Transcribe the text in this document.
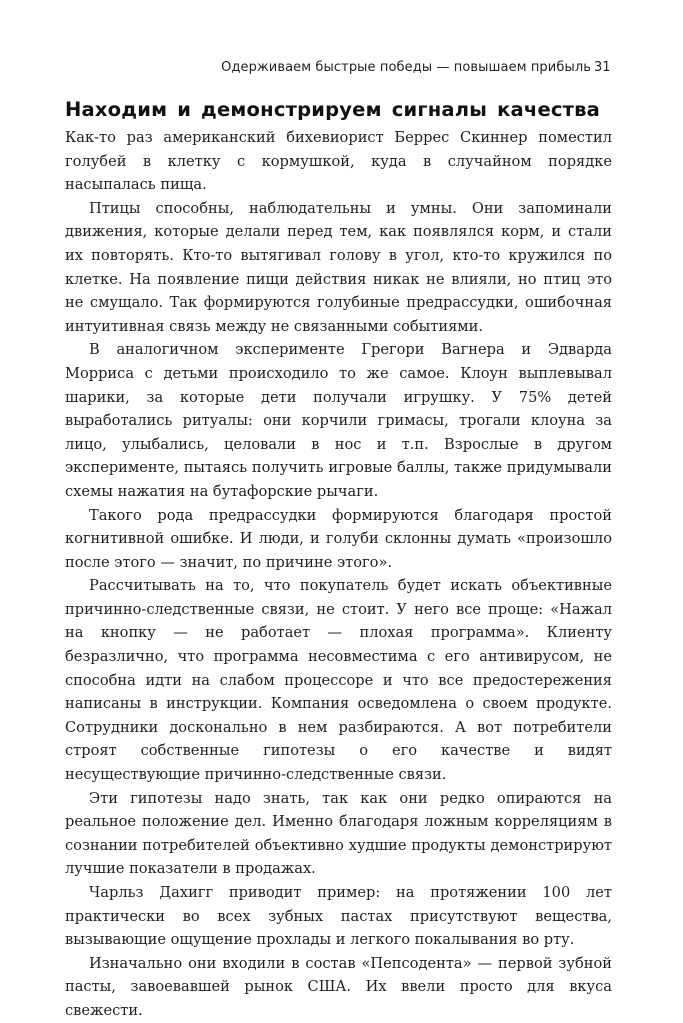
Одерживаем быстрые победы — повышаем прибыль 31
Находим и демонстрируем сигналы качества

Как-то раз американский бихевиорист Беррес Скиннер поместил голубей в клетку с кормушкой, куда в случайном порядке насыпалась пища.

Птицы способны, наблюдательны и умны. Они запоминали движения, которые делали перед тем, как появлялся корм, и стали их повторять. Кто-то вытягивал голову в угол, кто-то кружился по клетке. На появление пищи действия никак не влияли, но птиц это не смущало. Так формируются голубиные предрассудки, ошибочная интуитивная связь между не связанными событиями.

В аналогичном эксперименте Грегори Вагнера и Эдварда Морриса с детьми происходило то же самое. Клоун выплевывал шарики, за которые дети получали игрушку. У 75% детей выработались ритуалы: они корчили гримасы, трогали клоуна за лицо, улыбались, целовали в нос и т.п. Взрослые в другом эксперименте, пытаясь получить игровые баллы, также придумывали схемы нажатия на бутафорские рычаги.

Такого рода предрассудки формируются благодаря простой когнитивной ошибке. И люди, и голуби склонны думать «произошло после этого — значит, по причине этого».

Рассчитывать на то, что покупатель будет искать объективные причинно-следственные связи, не стоит. У него все проще: «Нажал на кнопку — не работает — плохая программа». Клиенту безразлично, что программа несовместима с его антивирусом, не способна идти на слабом процессоре и что все предостережения написаны в инструкции. Компания осведомлена о своем продукте. Сотрудники досконально в нем разбираются. А вот потребители строят собственные гипотезы о его качестве и видят несуществующие причинно-следственные связи.

Эти гипотезы надо знать, так как они редко опираются на реальное положение дел. Именно благодаря ложным корреляциям в сознании потребителей объективно худшие продукты демонстрируют лучшие показатели в продажах.

Чарльз Дахигг приводит пример: на протяжении 100 лет практически во всех зубных пастах присутствуют вещества, вызывающие ощущение прохлады и легкого покалывания во рту.

Изначально они входили в состав «Пепсодента» — первой зубной пасты, завоевавшей рынок США. Их ввели просто для вкуса свежести.
